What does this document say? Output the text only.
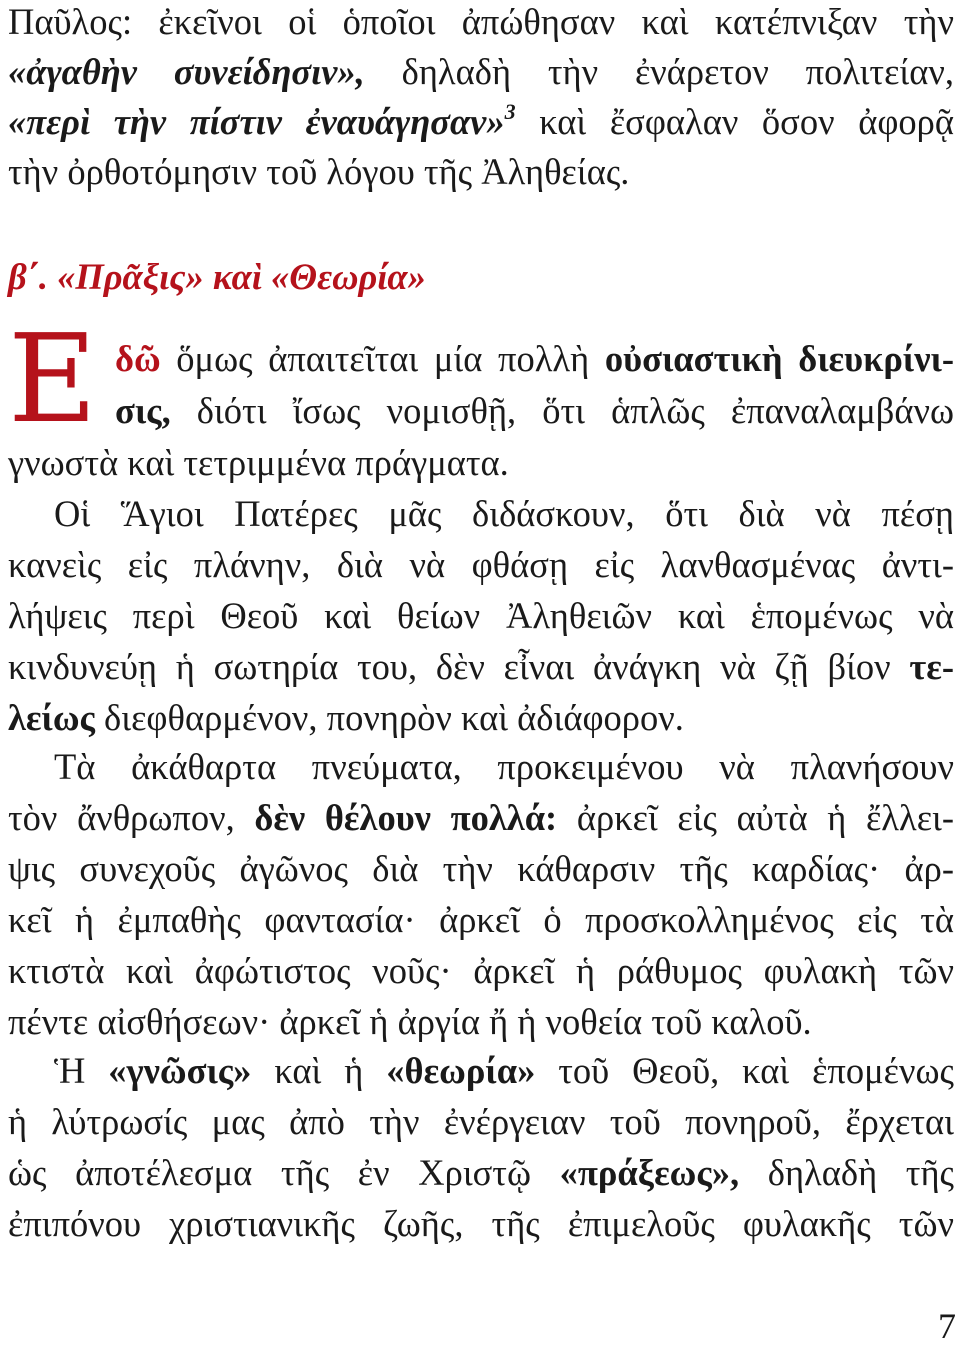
Παῦλος: ἐκεῖνοι οἱ ὁποῖοι ἀπώθησαν καὶ κατέπνιξαν τὴν
«ἀγαθὴν συνείδησιν», δηλαδὴ τὴν ἐνάρετον πολιτείαν,
«περὶ τὴν πίστιν ἐναυάγησαν»$^3$ καὶ ἔσφαλαν ὅσον ἀφορᾷ
τὴν ὀρθοτόμησιν τοῦ λόγου τῆς Ἀληθείας.
β΄. «Πρᾶξις» καὶ «Θεωρία»
Ε δῶ ὅμως ἀπαιτεῖται μία πολλὴ οὐσιαστικὴ διευκρίνι-
σις, διότι ἴσως νομισθῇ, ὅτι ἁπλῶς ἐπαναλαμβάνω
γνωστὰ καὶ τετριμμένα πράγματα.
Οἱ Ἅγιοι Πατέρες μᾶς διδάσκουν, ὅτι διὰ νὰ πέσῃ
κανεὶς εἰς πλάνην, διὰ νὰ φθάσῃ εἰς λανθασμένας ἀντι-
λήψεις περὶ Θεοῦ καὶ θείων Ἀληθειῶν καὶ ἑπομένως νὰ
κινδυνεύῃ ἡ σωτηρία του, δὲν εἶναι ἀνάγκη νὰ ζῇ βίον τε-
λείως διεφθαρμένον, πονηρὸν καὶ ἀδιάφορον.
Τὰ ἀκάθαρτα πνεύματα, προκειμένου νὰ πλανήσουν
τὸν ἄνθρωπον, δὲν θέλουν πολλά: ἀρκεῖ εἰς αὐτὰ ἡ ἔλλει-
ψις συνεχοῦς ἀγῶνος διὰ τὴν κάθαρσιν τῆς καρδίας· ἀρ-
κεῖ ἡ ἐμπαθὴς φαντασία· ἀρκεῖ ὁ προσκολλημένος εἰς τὰ
κτιστὰ καὶ ἀφώτιστος νοῦς· ἀρκεῖ ἡ ράθυμος φυλακὴ τῶν
πέντε αἰσθήσεων· ἀρκεῖ ἡ ἀργία ἤ ἡ νοθεία τοῦ καλοῦ.
Ἡ «γνῶσις» καὶ ἡ «θεωρία» τοῦ Θεοῦ, καὶ ἑπομένως
ἡ λύτρωσίς μας ἀπὸ τὴν ἐνέργειαν τοῦ πονηροῦ, ἔρχεται
ὡς ἀποτέλεσμα τῆς ἐν Χριστῷ «πράξεως», δηλαδὴ τῆς
ἐπιπόνου χριστιανικῆς ζωῆς, τῆς ἐπιμελοῦς φυλακῆς τῶν
7
